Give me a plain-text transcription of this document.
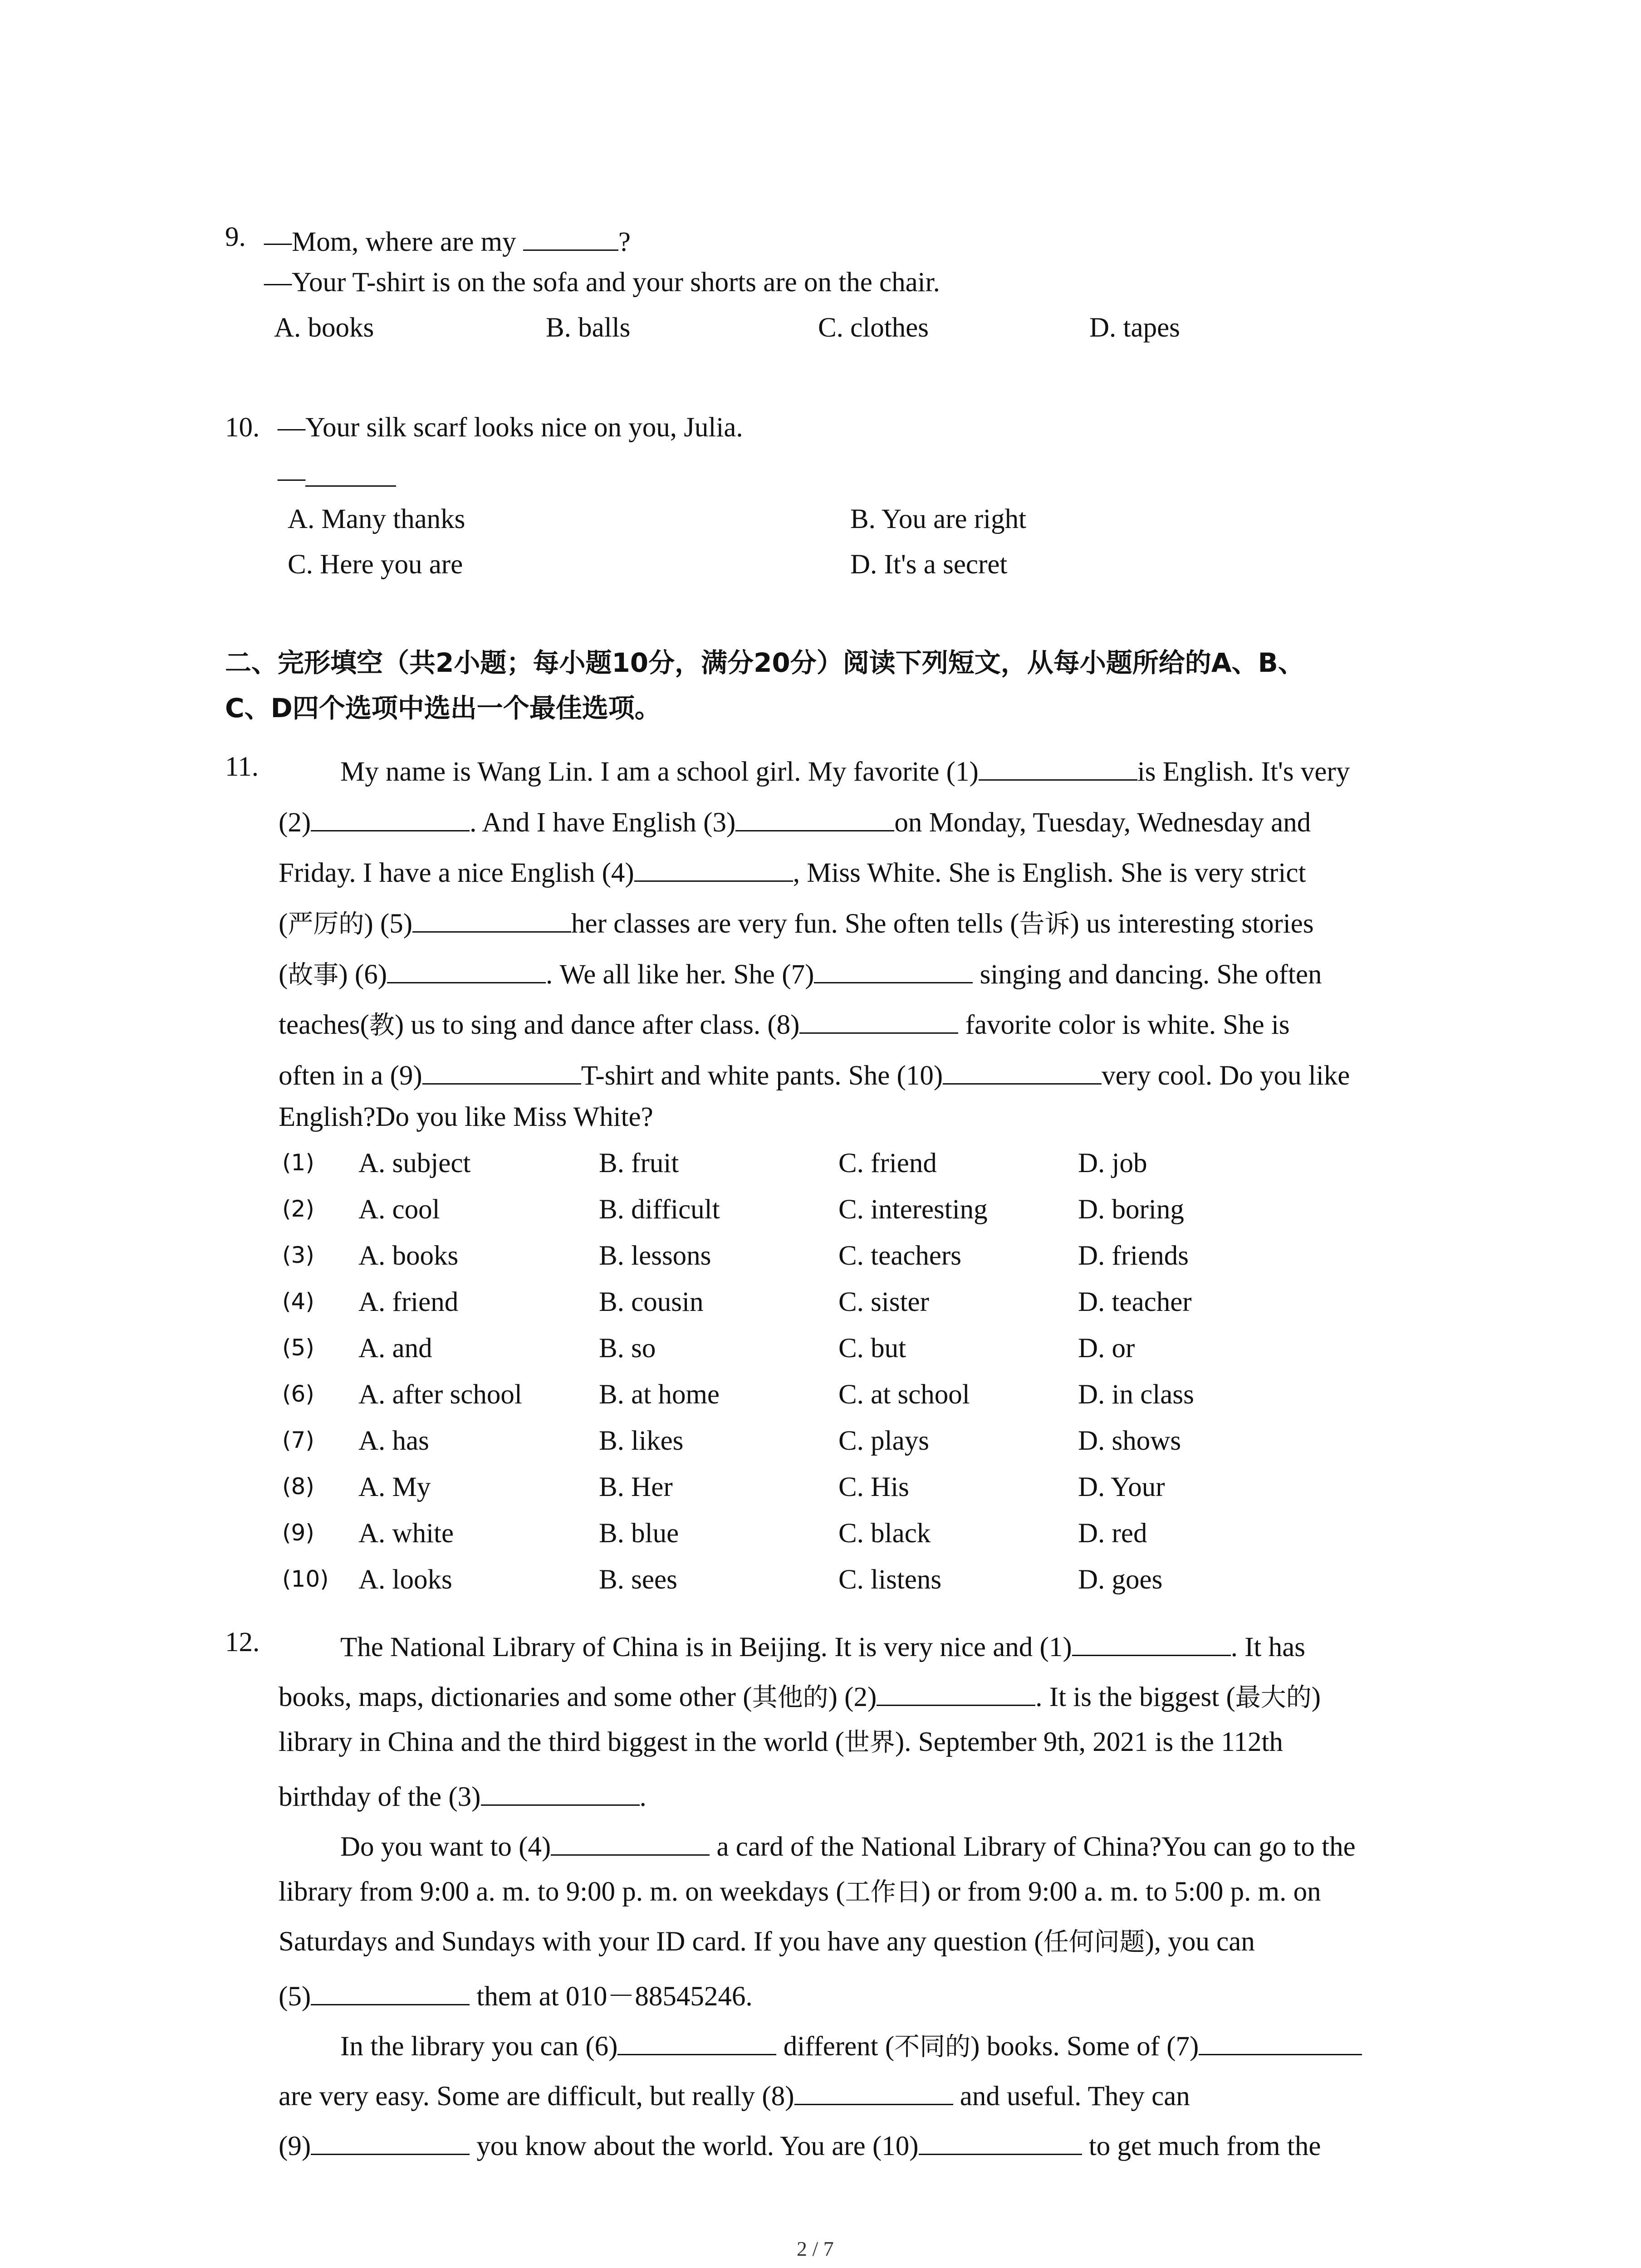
9. —Mom, where are my	?
—Your T-shirt is on the sofa and your shorts are on the chair.
A. books	B. balls	C. clothes	D. tapes
10. —Your silk scarf looks nice on you, Julia.
—
A. Many thanks	B. You are right
C. Here you are	D. It's a secret
二、完形填空（共2小题；每小题10分，满分20分）阅读下列短文，从每小题所给的A、B、
C、D四个选项中选出一个最佳选项。
11.	My name is Wang Lin. I am a school girl. My favorite (1)	is English. It's very
(2)	. And I have English (3)	on Monday, Tuesday, Wednesday and
Friday. I have a nice English (4)	, Miss White. She is English. She is very strict
(严厉的) (5)	her classes are very fun. She often tells (告诉) us interesting stories
(故事) (6)	. We all like her. She (7)	singing and dancing. She often
teaches(教) us to sing and dance after class. (8)	favorite color is white. She is
often in a (9)	T-shirt and white pants. She (10)	very cool. Do you like
English?Do you like Miss White?
(1) A. subject	B. fruit	C. friend	D. job
(2) A. cool	B. difficult	C. interesting	D. boring
(3) A. books	B. lessons	C. teachers	D. friends
(4) A. friend	B. cousin	C. sister	D. teacher
(5) A. and	B. so	C. but	D. or
(6) A. after school	B. at home	C. at school	D. in class
(7) A. has	B. likes	C. plays	D. shows
(8) A. My	B. Her	C. His	D. Your
(9) A. white	B. blue	C. black	D. red
(10) A. looks	B. sees	C. listens	D. goes
12.	The National Library of China is in Beijing. It is very nice and (1)	. It has
books, maps, dictionaries and some other (其他的) (2)	. It is the biggest (最大的)
library in China and the third biggest in the world (世界). September 9th, 2021 is the 112th
birthday of the (3)	.
Do you want to (4)	a card of the National Library of China?You can go to the
library from 9:00 a. m. to 9:00 p. m. on weekdays (工作日) or from 9:00 a. m. to 5:00 p. m. on
Saturdays and Sundays with your ID card. If you have any question (任何问题), you can
(5)	them at 010－88545246.
In the library you can (6)	different (不同的) books. Some of (7)
are very easy. Some are difficult, but really (8)	and useful. They can
(9)	you know about the world. You are (10)	to get much from the
2 / 7
